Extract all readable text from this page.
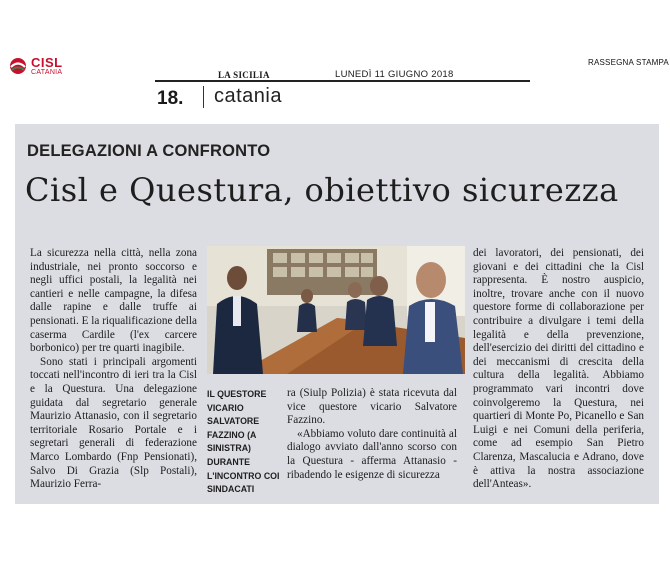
CISL
CATANIA
RASSEGNA STAMPA
LA SICILIA	LUNEDÌ 11 GIUGNO 2018
18. catania
DELEGAZIONI A CONFRONTO
Cisl e Questura, obiettivo sicurezza

La sicurezza nella città, nella zona industriale, nei pronto soccorso e negli uffici postali, la legalità nei cantieri e nelle campagne, la difesa dalle rapine e dalle truffe ai pensionati. E la riqualificazione della caserma Cardile (l'ex carcere borbonico) per tre quarti inagibile.

Sono stati i principali argomenti toccati nell'incontro di ieri tra la Cisl e la Questura. Una delegazione guidata dal segretario generale Maurizio Attanasio, con il segretario territoriale Rosario Portale e i segretari generali di federazione Marco Lombardo (Fnp Pensionati), Salvo Di Grazia (Slp Postali), Maurizio Ferra-

IL QUESTORE VICARIO SALVATORE FAZZINO (A SINISTRA) DURANTE L'INCONTRO COI SINDACATI

ra (Siulp Polizia) è stata ricevuta dal vice questore vicario Salvatore Fazzino.

«Abbiamo voluto dare continuità al dialogo avviato dall'anno scorso con la Questura - afferma Attanasio - ribadendo le esigenze di sicurezza

dei lavoratori, dei pensionati, dei giovani e dei cittadini che la Cisl rappresenta. È nostro auspicio, inoltre, trovare anche con il nuovo questore forme di collaborazione per contribuire a divulgare i temi della legalità e della prevenzione, dell'esercizio dei diritti del cittadino e dei meccanismi di crescita della cultura della legalità. Abbiamo programmato vari incontri dove coinvolgeremo la Questura, nei quartieri di Monte Po, Picanello e San Luigi e nei Comuni della periferia, come ad esempio San Pietro Clarenza, Mascalucia e Adrano, dove è attiva la nostra associazione dell'Anteas».
